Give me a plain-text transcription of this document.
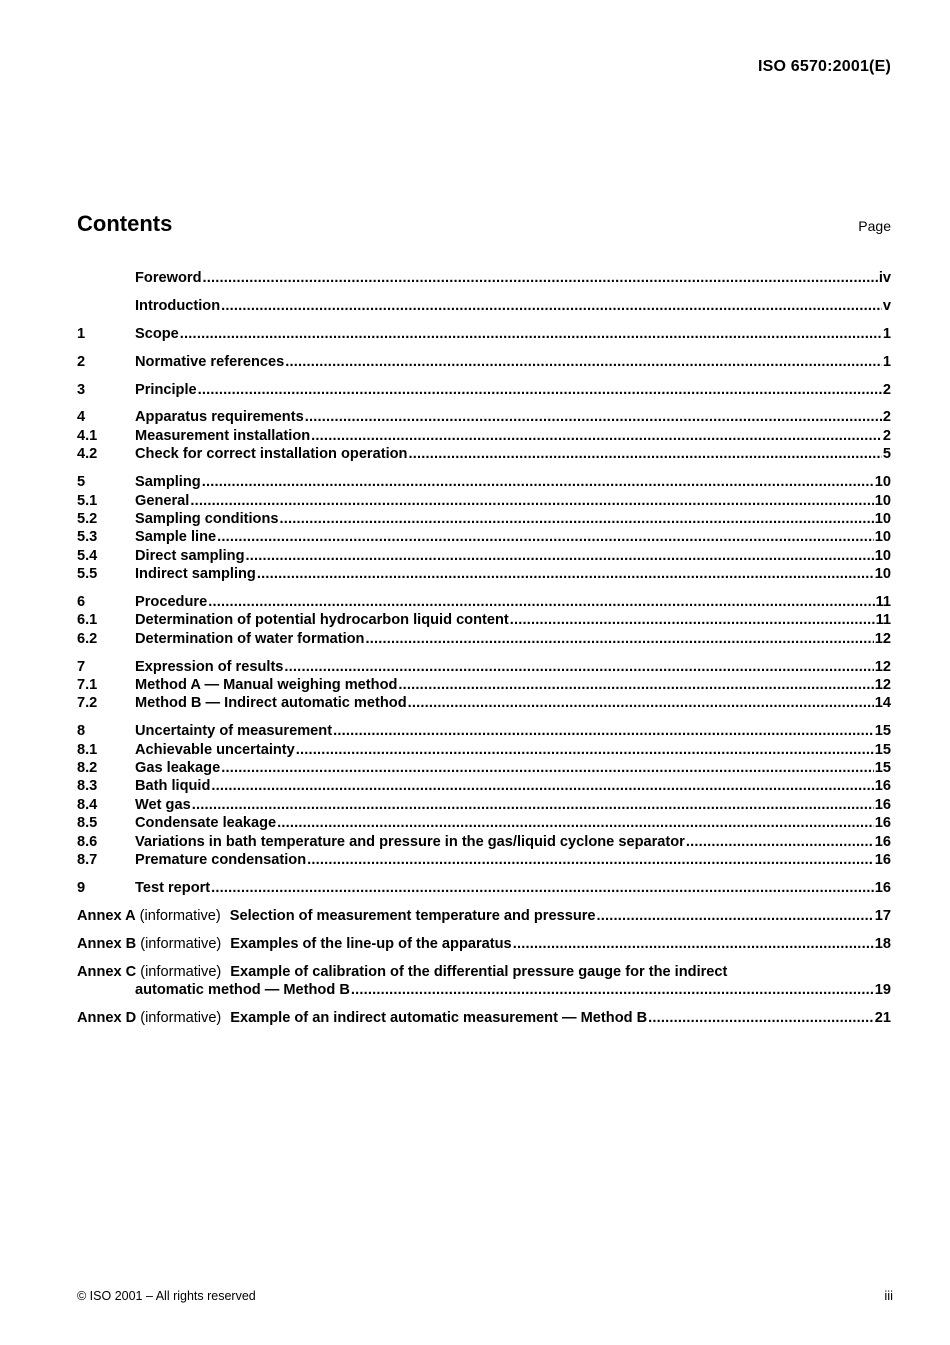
ISO 6570:2001(E)
Contents	Page
Foreword .....	iv
Introduction .....	v
1	Scope .....	1
2	Normative references .....	1
3	Principle .....	2
4	Apparatus requirements .....	2
4.1	Measurement installation .....	2
4.2	Check for correct installation operation .....	5
5	Sampling .....	10
5.1	General .....	10
5.2	Sampling conditions .....	10
5.3	Sample line .....	10
5.4	Direct sampling .....	10
5.5	Indirect sampling .....	10
6	Procedure .....	11
6.1	Determination of potential hydrocarbon liquid content .....	11
6.2	Determination of water formation .....	12
7	Expression of results .....	12
7.1	Method A — Manual weighing method .....	12
7.2	Method B — Indirect automatic method .....	14
8	Uncertainty of measurement .....	15
8.1	Achievable uncertainty .....	15
8.2	Gas leakage .....	15
8.3	Bath liquid .....	16
8.4	Wet gas .....	16
8.5	Condensate leakage .....	16
8.6	Variations in bath temperature and pressure in the gas/liquid cyclone separator .....	16
8.7	Premature condensation .....	16
9	Test report .....	16
Annex A (informative) Selection of measurement temperature and pressure .....	17
Annex B (informative) Examples of the line-up of the apparatus .....	18
Annex C (informative) Example of calibration of the differential pressure gauge for the indirect
automatic method — Method B .....	19
Annex D (informative) Example of an indirect automatic measurement — Method B .....	21
© ISO 2001 – All rights reserved	iii
